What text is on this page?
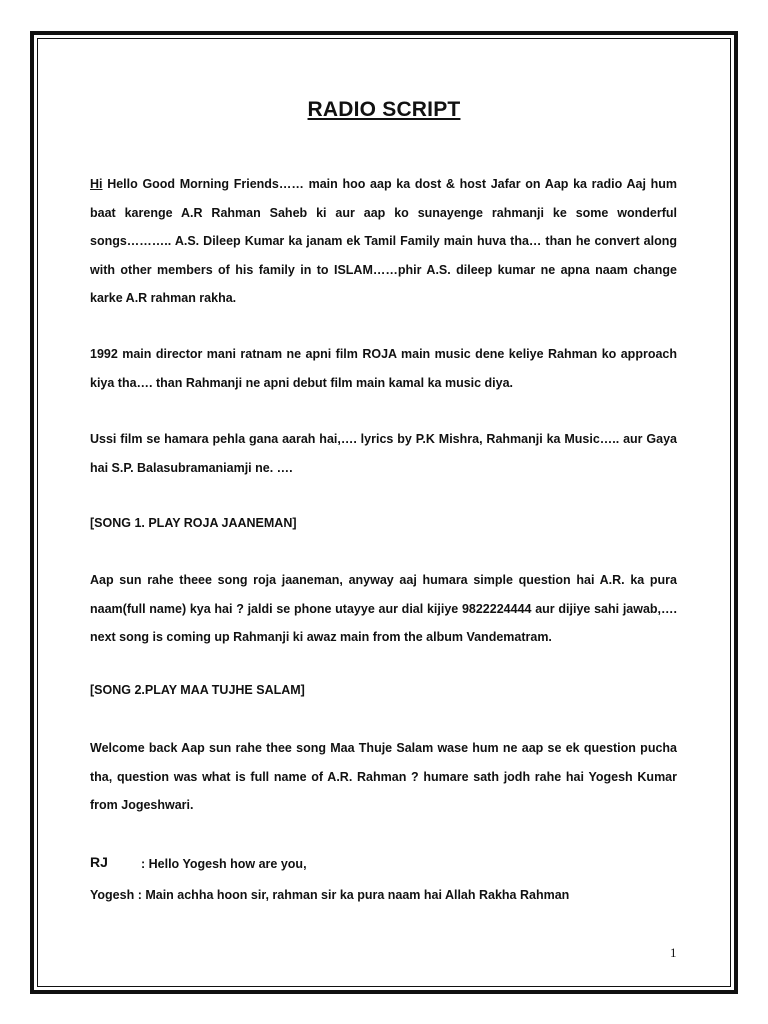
RADIO SCRIPT
Hi Hello Good Morning Friends…… main hoo aap ka dost & host Jafar on Aap ka radio Aaj hum baat karenge A.R Rahman Saheb ki aur aap ko sunayenge rahmanji ke some wonderful songs……….. A.S. Dileep Kumar ka janam ek Tamil Family main huva tha… than he convert along with other members of his family in to ISLAM……phir A.S. dileep kumar ne apna naam change karke A.R rahman rakha.
1992 main director mani ratnam ne apni film ROJA main music dene keliye Rahman ko approach kiya tha…. than Rahmanji ne apni debut film main kamal ka music diya.
Ussi film se hamara pehla gana aarah hai,…. lyrics by P.K Mishra, Rahmanji ka Music….. aur Gaya hai S.P. Balasubramaniamji ne. ….
[SONG 1. PLAY ROJA JAANEMAN]
Aap sun rahe theee song roja jaaneman, anyway aaj humara simple question hai A.R. ka pura naam(full name) kya hai ? jaldi se phone utayye aur dial kijiye 9822224444 aur dijiye sahi jawab,…. next song is coming up Rahmanji ki awaz main from the album Vandematram.
[SONG 2.PLAY MAA TUJHE SALAM]
Welcome back Aap sun rahe thee song Maa Thuje Salam wase hum ne aap se ek question pucha tha, question was what is full name of A.R. Rahman ? humare sath jodh rahe hai Yogesh Kumar from Jogeshwari.
RJ	: Hello Yogesh how are you,
Yogesh : Main achha hoon sir, rahman sir ka pura naam hai Allah Rakha Rahman
1
